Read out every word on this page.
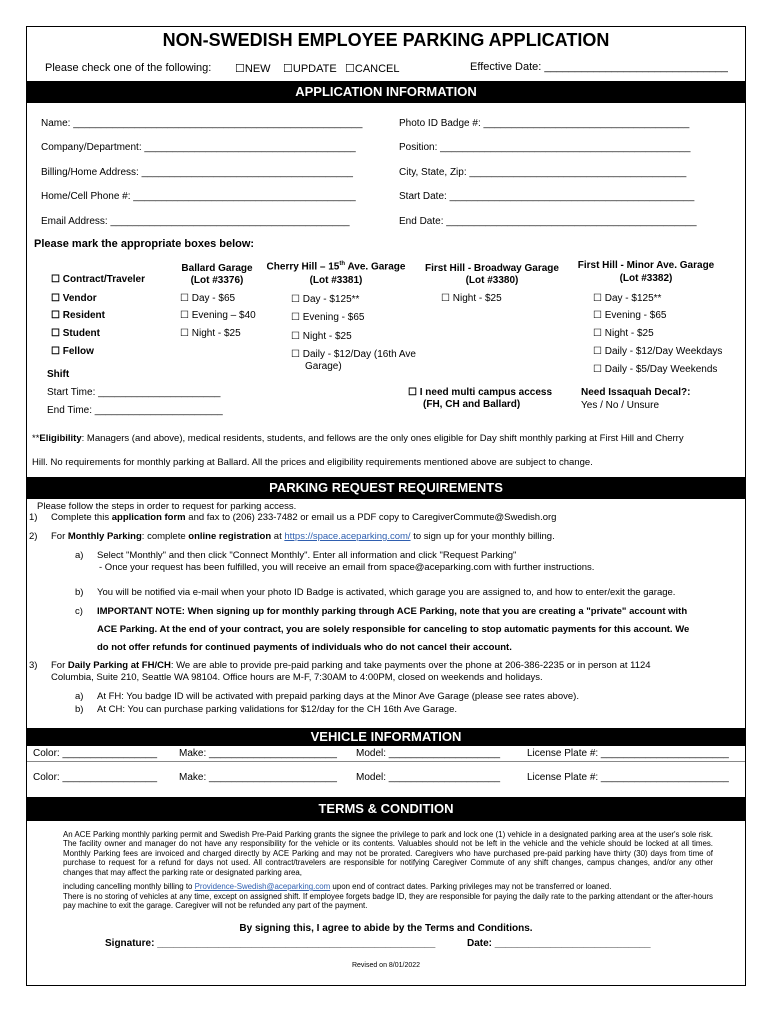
NON-SWEDISH EMPLOYEE PARKING APPLICATION
Please check one of the following: ☐NEW ☐UPDATE ☐CANCEL	Effective Date: ______________________________
APPLICATION INFORMATION
Name: ____________________________________________________	Photo ID Badge #: _____________________________________
Company/Department: ______________________________________	Position: _____________________________________________
Billing/Home Address: ______________________________________	City, State, Zip: _______________________________________
Home/Cell Phone #: ________________________________________	Start Date: ____________________________________________
Email Address: ___________________________________________	End Date: _____________________________________________
Please mark the appropriate boxes below:
☐ Contract/Traveler
☐ Vendor
☐ Resident
☐ Student
☐ Fellow
Shift
Start Time: ______________________
End Time: _______________________
Ballard Garage
(Lot #3376)
☐ Day - $65
☐ Evening – $40
☐ Night - $25
Cherry Hill – 15th Ave. Garage
(Lot #3381)
☐ Day - $125**
☐ Evening - $65
☐ Night - $25
☐ Daily - $12/Day (16th Ave
Garage)
First Hill - Broadway Garage
(Lot #3380)
☐ Night - $25
First Hill - Minor Ave. Garage
(Lot #3382)
☐ Day - $125**
☐ Evening - $65
☐ Night - $25
☐ Daily - $12/Day Weekdays
☐ Daily - $5/Day Weekends
☐ I need multi campus access
(FH, CH and Ballard)
Need Issaquah Decal?:
Yes / No / Unsure
**Eligibility: Managers (and above), medical residents, students, and fellows are the only ones eligible for Day shift monthly parking at First Hill and Cherry
Hill. No requirements for monthly parking at Ballard. All the prices and eligibility requirements mentioned above are subject to change.
PARKING REQUEST REQUIREMENTS
Please follow the steps in order to request for parking access.
1) Complete this application form and fax to (206) 233-7482 or email us a PDF copy to CaregiverCommute@Swedish.org
2) For Monthly Parking: complete online registration at https://space.aceparking.com/ to sign up for your monthly billing.
a) Select "Monthly" and then click "Connect Monthly". Enter all information and click "Request Parking"
- Once your request has been fulfilled, you will receive an email from space@aceparking.com with further instructions.
b) You will be notified via e-mail when your photo ID Badge is activated, which garage you are assigned to, and how to enter/exit the garage.
c) IMPORTANT NOTE: When signing up for monthly parking through ACE Parking, note that you are creating a "private" account with
ACE Parking. At the end of your contract, you are solely responsible for canceling to stop automatic payments for this account. We
do not offer refunds for continued payments of individuals who do not cancel their account.
3) For Daily Parking at FH/CH: We are able to provide pre-paid parking and take payments over the phone at 206-386-2235 or in person at 1124
Columbia, Suite 210, Seattle WA 98104. Office hours are M-F, 7:30AM to 4:00PM, closed on weekends and holidays.
a) At FH: You badge ID will be activated with prepaid parking days at the Minor Ave Garage (please see rates above).
b) At CH: You can purchase parking validations for $12/day for the CH 16th Ave Garage.
VEHICLE INFORMATION
Color: _________________ Make: _______________________ Model: ____________________	License Plate #: _______________________
Color: _________________ Make: _______________________ Model: ____________________	License Plate #: _______________________
TERMS & CONDITION
An ACE Parking monthly parking permit and Swedish Pre-Paid Parking grants the signee the privilege to park and lock one (1) vehicle in a designated parking area at the user's sole risk. The facility owner and manager do not have any responsibility for the vehicle or its contents. Valuables should not be left in the vehicle and the vehicle should be locked at all times. Monthly Parking fees are invoiced and charged directly by ACE Parking and may not be prorated. Caregivers who have purchased pre-paid parking have thirty (30) days from time of purchase to request for a refund for days not used. All contract/travelers are responsible for notifying Caregiver Commute of any shift changes, campus changes, and/or any other changes that may affect the parking rate or designated parking area,
including cancelling monthly billing to Providence-Swedish@aceparking.com upon end of contract dates. Parking privileges may not be transferred or loaned.
There is no storing of vehicles at any time, except on assigned shift. If employee forgets badge ID, they are responsible for paying the daily rate to the parking attendant or the after-hours pay machine to exit the garage. Caregiver will not be refunded any part of the payment.
By signing this, I agree to abide by the Terms and Conditions.
Signature: __________________________________________________	Date: ____________________________
Revised on 8/01/2022
